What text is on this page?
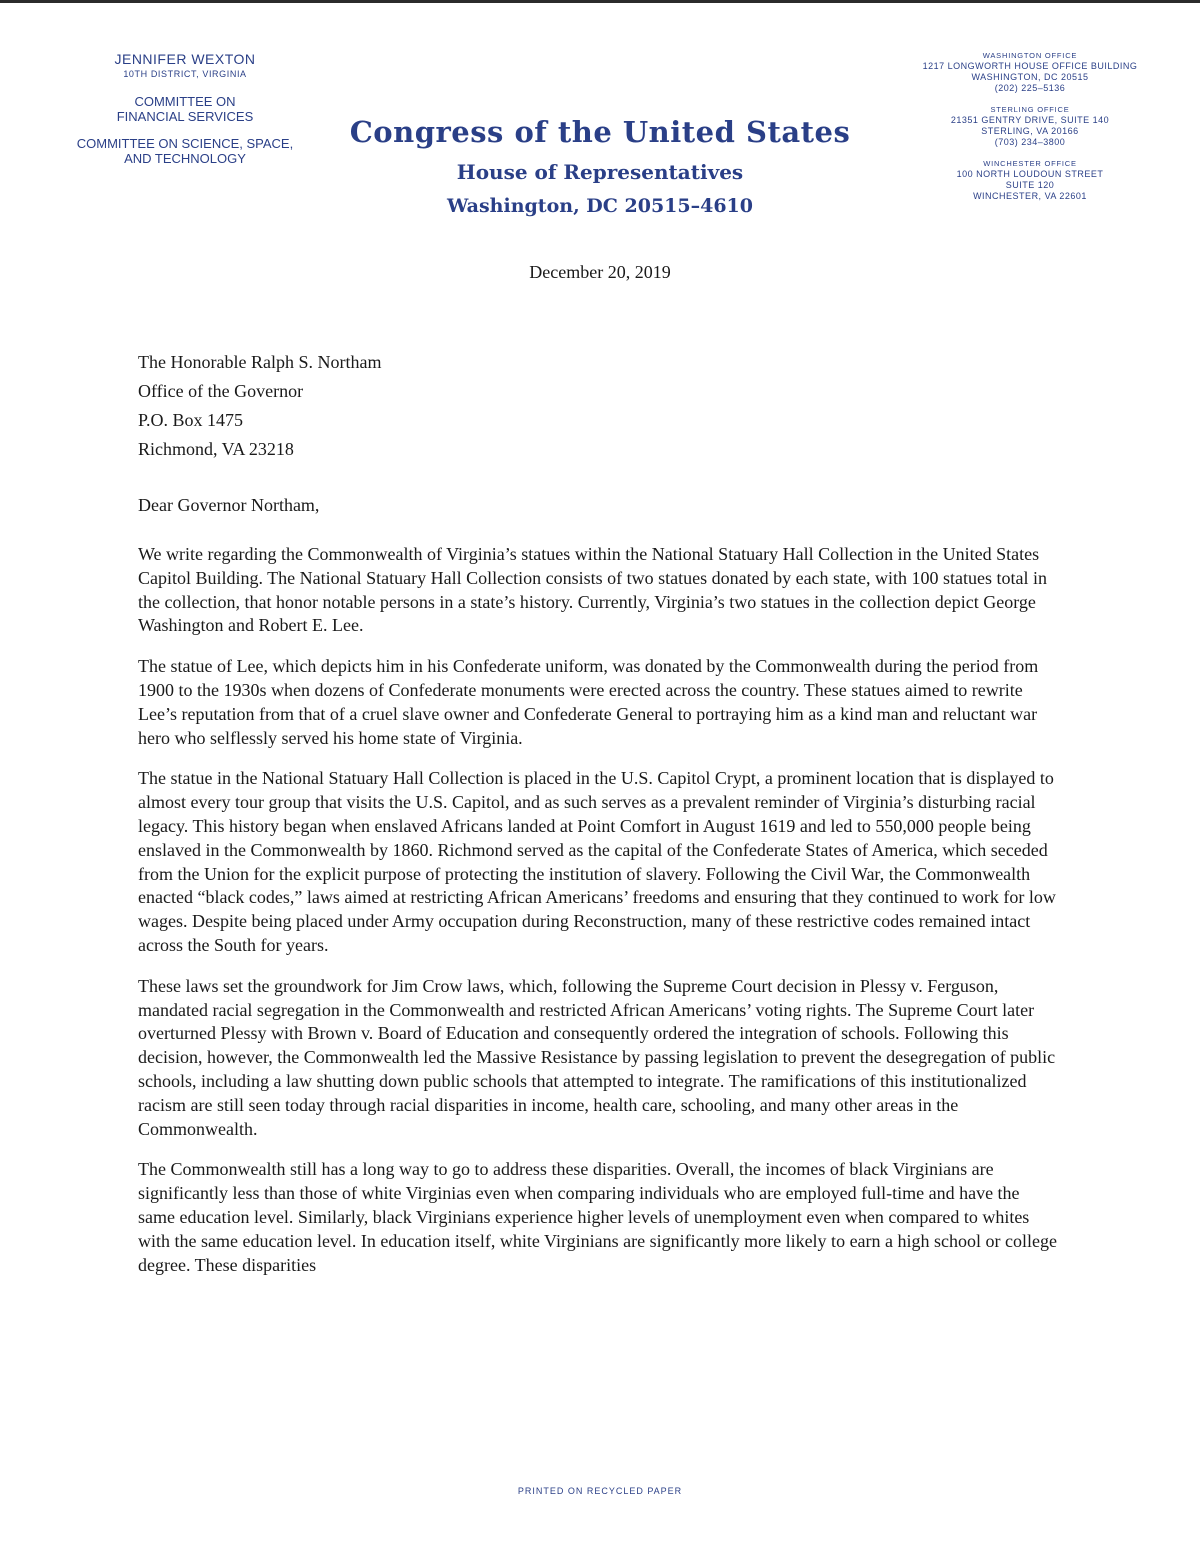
JENNIFER WEXTON
10TH DISTRICT, VIRGINIA
COMMITTEE ON
FINANCIAL SERVICES
COMMITTEE ON SCIENCE, SPACE,
AND TECHNOLOGY
Congress of the United States
House of Representatives
Washington, DC 20515–4610
WASHINGTON OFFICE
1217 LONGWORTH HOUSE OFFICE BUILDING
WASHINGTON, DC 20515
(202) 225–5136
STERLING OFFICE
21351 GENTRY DRIVE, SUITE 140
STERLING, VA 20166
(703) 234–3800
WINCHESTER OFFICE
100 NORTH LOUDOUN STREET
SUITE 120
WINCHESTER, VA 22601
December 20, 2019
The Honorable Ralph S. Northam
Office of the Governor
P.O. Box 1475
Richmond, VA 23218
Dear Governor Northam,

We write regarding the Commonwealth of Virginia’s statues within the National Statuary Hall Collection in the United States Capitol Building. The National Statuary Hall Collection consists of two statues donated by each state, with 100 statues total in the collection, that honor notable persons in a state’s history. Currently, Virginia’s two statues in the collection depict George Washington and Robert E. Lee.

The statue of Lee, which depicts him in his Confederate uniform, was donated by the Commonwealth during the period from 1900 to the 1930s when dozens of Confederate monuments were erected across the country. These statues aimed to rewrite Lee’s reputation from that of a cruel slave owner and Confederate General to portraying him as a kind man and reluctant war hero who selflessly served his home state of Virginia.

The statue in the National Statuary Hall Collection is placed in the U.S. Capitol Crypt, a prominent location that is displayed to almost every tour group that visits the U.S. Capitol, and as such serves as a prevalent reminder of Virginia’s disturbing racial legacy. This history began when enslaved Africans landed at Point Comfort in August 1619 and led to 550,000 people being enslaved in the Commonwealth by 1860. Richmond served as the capital of the Confederate States of America, which seceded from the Union for the explicit purpose of protecting the institution of slavery. Following the Civil War, the Commonwealth enacted “black codes,” laws aimed at restricting African Americans’ freedoms and ensuring that they continued to work for low wages. Despite being placed under Army occupation during Reconstruction, many of these restrictive codes remained intact across the South for years.

These laws set the groundwork for Jim Crow laws, which, following the Supreme Court decision in Plessy v. Ferguson, mandated racial segregation in the Commonwealth and restricted African Americans’ voting rights. The Supreme Court later overturned Plessy with Brown v. Board of Education and consequently ordered the integration of schools. Following this decision, however, the Commonwealth led the Massive Resistance by passing legislation to prevent the desegregation of public schools, including a law shutting down public schools that attempted to integrate. The ramifications of this institutionalized racism are still seen today through racial disparities in income, health care, schooling, and many other areas in the Commonwealth.

The Commonwealth still has a long way to go to address these disparities. Overall, the incomes of black Virginians are significantly less than those of white Virginias even when comparing individuals who are employed full-time and have the same education level. Similarly, black Virginians experience higher levels of unemployment even when compared to whites with the same education level. In education itself, white Virginians are significantly more likely to earn a high school or college degree. These disparities

PRINTED ON RECYCLED PAPER
